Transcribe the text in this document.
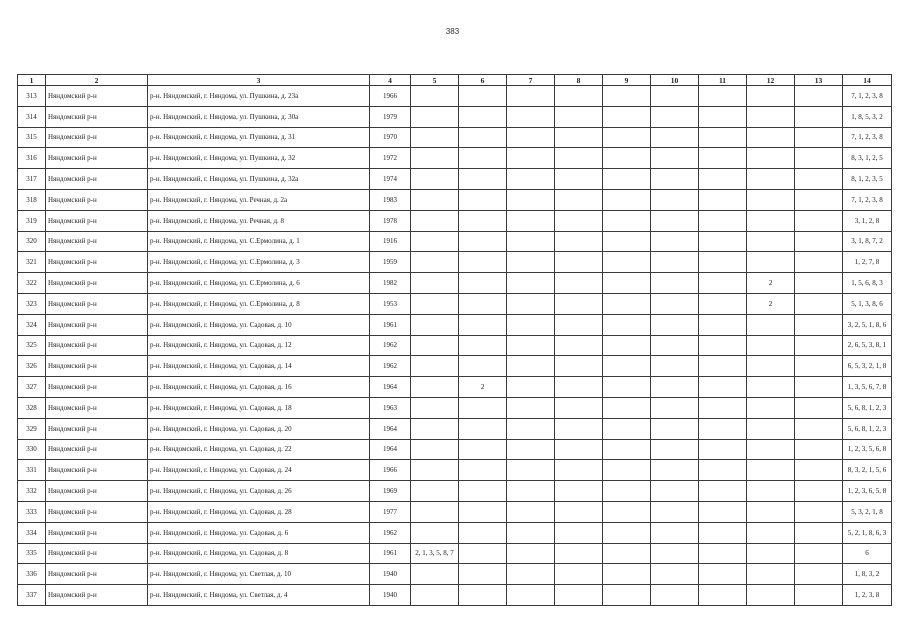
383
1	2	3	4	5	6	7	8	9	10	11	12	13	14
313	Няндомский р-н	р-н. Няндомский, г. Няндома, ул. Пушкина, д. 23а	1966										7, 1, 2, 3, 8
314	Няндомский р-н	р-н. Няндомский, г. Няндома, ул. Пушкина, д. 30а	1979										1, 8, 5, 3, 2
315	Няндомский р-н	р-н. Няндомский, г. Няндома, ул. Пушкина, д. 31	1970										7, 1, 2, 3, 8
316	Няндомский р-н	р-н. Няндомский, г. Няндома, ул. Пушкина, д. 32	1972										8, 3, 1, 2, 5
317	Няндомский р-н	р-н. Няндомский, г. Няндома, ул. Пушкина, д. 32а	1974										8, 1, 2, 3, 5
318	Няндомский р-н	р-н. Няндомский, г. Няндома, ул. Речная, д. 2а	1983										7, 1, 2, 3, 8
319	Няндомский р-н	р-н. Няндомский, г. Няндома, ул. Речная, д. 8	1978										3, 1, 2, 8
320	Няндомский р-н	р-н. Няндомский, г. Няндома, ул. С.Ермолина, д. 1	1916										3, 1, 8, 7, 2
321	Няндомский р-н	р-н. Няндомский, г. Няндома, ул. С.Ермолина, д. 3	1959										1, 2, 7, 8
322	Няндомский р-н	р-н. Няндомский, г. Няндома, ул. С.Ермолина, д. 6	1982								2		1, 5, 6, 8, 3
323	Няндомский р-н	р-н. Няндомский, г. Няндома, ул. С.Ермолина, д. 8	1953								2		5, 1, 3, 8, 6
324	Няндомский р-н	р-н. Няндомский, г. Няндома, ул. Садовая, д. 10	1961										3, 2, 5, 1, 8, 6
325	Няндомский р-н	р-н. Няндомский, г. Няндома, ул. Садовая, д. 12	1962										2, 6, 5, 3, 8, 1
326	Няндомский р-н	р-н. Няндомский, г. Няндома, ул. Садовая, д. 14	1962										6, 5, 3, 2, 1, 8
327	Няндомский р-н	р-н. Няндомский, г. Няндома, ул. Садовая, д. 16	1964		2								1, 3, 5, 6, 7, 8
328	Няндомский р-н	р-н. Няндомский, г. Няндома, ул. Садовая, д. 18	1963										5, 6, 8, 1, 2, 3
329	Няндомский р-н	р-н. Няндомский, г. Няндома, ул. Садовая, д. 20	1964										5, 6, 8, 1, 2, 3
330	Няндомский р-н	р-н. Няндомский, г. Няндома, ул. Садовая, д. 22	1964										1, 2, 3, 5, 6, 8
331	Няндомский р-н	р-н. Няндомский, г. Няндома, ул. Садовая, д. 24	1966										8, 3, 2, 1, 5, 6
332	Няндомский р-н	р-н. Няндомский, г. Няндома, ул. Садовая, д. 26	1969										1, 2, 3, 6, 5, 8
333	Няндомский р-н	р-н. Няндомский, г. Няндома, ул. Садовая, д. 28	1977										5, 3, 2, 1, 8
334	Няндомский р-н	р-н. Няндомский, г. Няндома, ул. Садовая, д. 6	1962										5, 2, 1, 8, 6, 3
335	Няндомский р-н	р-н. Няндомский, г. Няндома, ул. Садовая, д. 8	1961	2, 1, 3, 5, 8, 7									6
336	Няндомский р-н	р-н. Няндомский, г. Няндома, ул. Светлая, д. 10	1940										1, 8, 3, 2
337	Няндомский р-н	р-н. Няндомский, г. Няндома, ул. Светлая, д. 4	1940										1, 2, 3, 8
